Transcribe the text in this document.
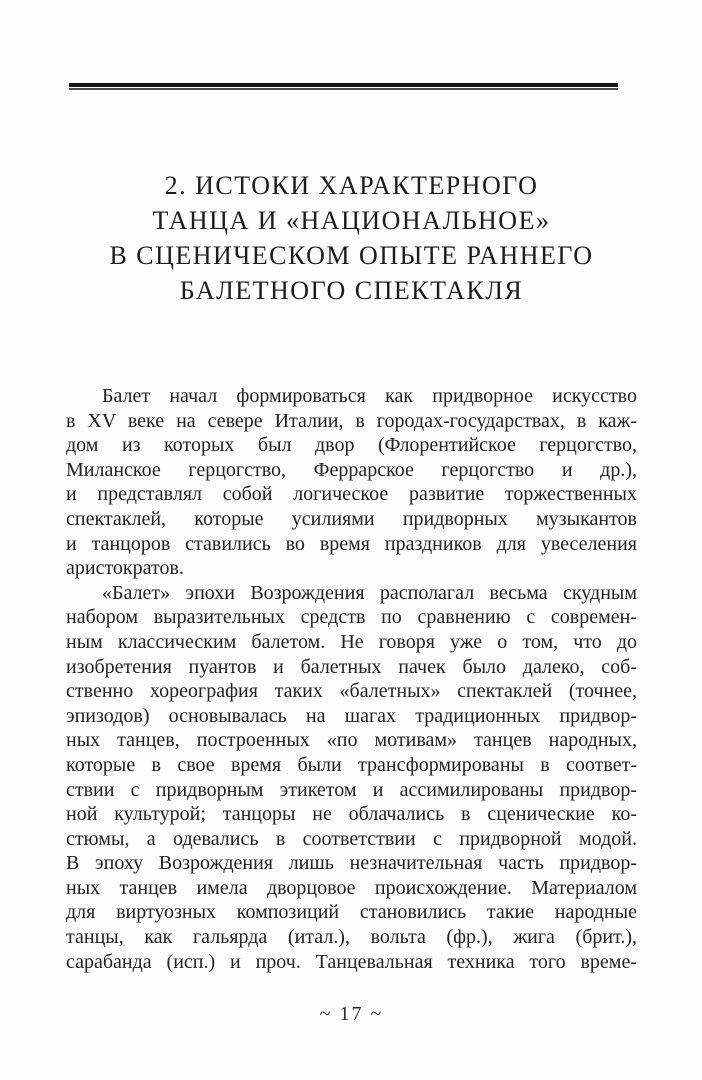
2. ИСТОКИ ХАРАКТЕРНОГО
ТАНЦА И «НАЦИОНАЛЬНОЕ»
В СЦЕНИЧЕСКОМ ОПЫТЕ РАННЕГО
БАЛЕТНОГО СПЕКТАКЛЯ
Балет начал формироваться как придворное искусство
в XV веке на севере Италии, в городах-государствах, в каж-
дом из которых был двор (Флорентийское герцогство,
Миланское герцогство, Феррарское герцогство и др.),
и представлял собой логическое развитие торжественных
спектаклей, которые усилиями придворных музыкантов
и танцоров ставились во время праздников для увеселения
аристократов.
«Балет» эпохи Возрождения располагал весьма скудным
набором выразительных средств по сравнению с современ-
ным классическим балетом. Не говоря уже о том, что до
изобретения пуантов и балетных пачек было далеко, соб-
ственно хореография таких «балетных» спектаклей (точнее,
эпизодов) основывалась на шагах традиционных придвор-
ных танцев, построенных «по мотивам» танцев народных,
которые в свое время были трансформированы в соответ-
ствии с придворным этикетом и ассимилированы придвор-
ной культурой; танцоры не облачались в сценические ко-
стюмы, а одевались в соответствии с придворной модой.
В эпоху Возрождения лишь незначительная часть придвор-
ных танцев имела дворцовое происхождение. Материалом
для виртуозных композиций становились такие народные
танцы, как гальярда (итал.), вольта (фр.), жига (брит.),
сарабанда (исп.) и проч. Танцевальная техника того време-
~ 17 ~
